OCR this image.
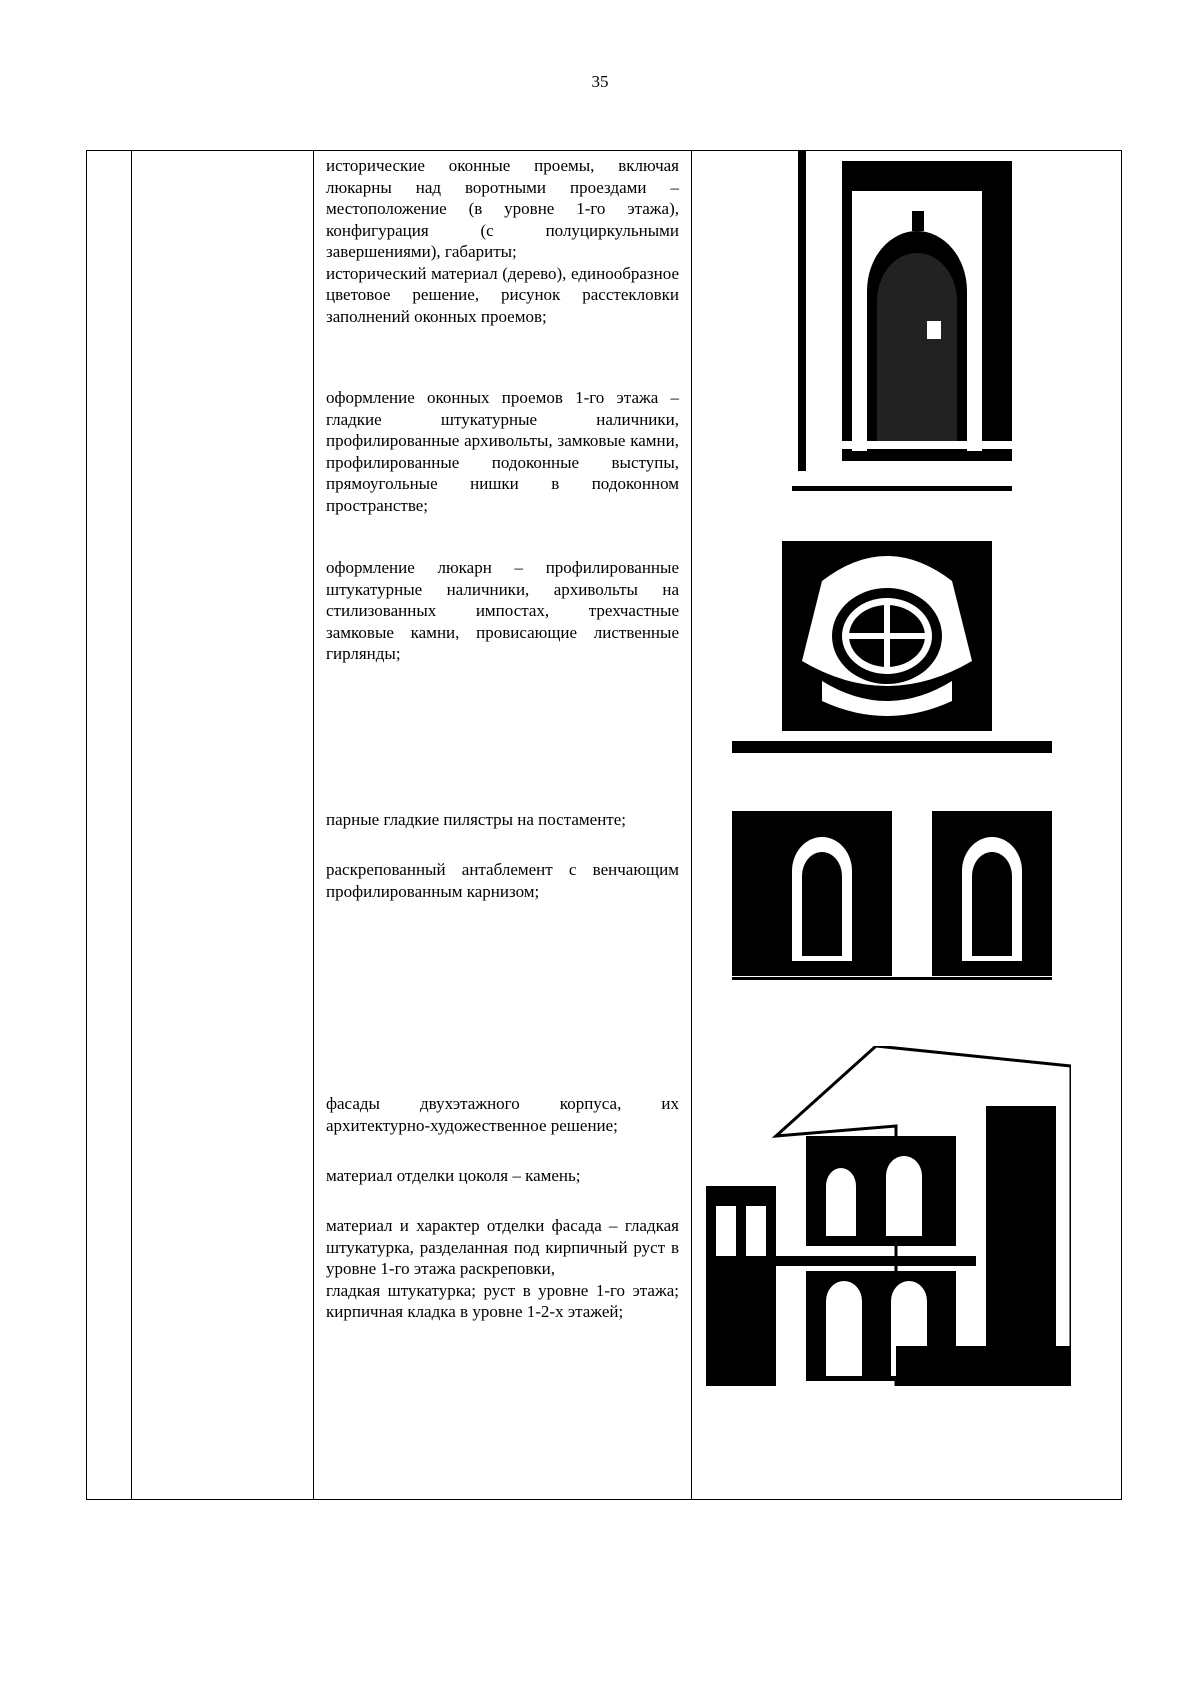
35

исторические оконные проемы, включая люкарны над воротными проездами – местоположение (в уровне 1-го этажа), конфигурация (с полуциркульными завершениями), габариты;

исторический материал (дерево), единообразное цветовое решение, рисунок расстекловки заполнений оконных проемов;

оформление оконных проемов 1-го этажа – гладкие штукатурные наличники, профилированные архивольты, замковые камни, профилированные подоконные выступы, прямоугольные нишки в подоконном пространстве;

оформление люкарн – профилированные штукатурные наличники, архивольты на стилизованных импостах, трехчастные замковые камни, провисающие лиственные гирлянды;

парные гладкие пилястры на постаменте;

раскрепованный антаблемент с венчающим профилированным карнизом;

фасады двухэтажного корпуса, их архитектурно-художественное решение;

материал отделки цоколя – камень;

материал и характер отделки фасада – гладкая штукатурка, разделанная под кирпичный руст в уровне 1-го этажа раскреповки,

гладкая штукатурка; руст в уровне 1-го этажа; кирпичная кладка в уровне 1-2-х этажей;
